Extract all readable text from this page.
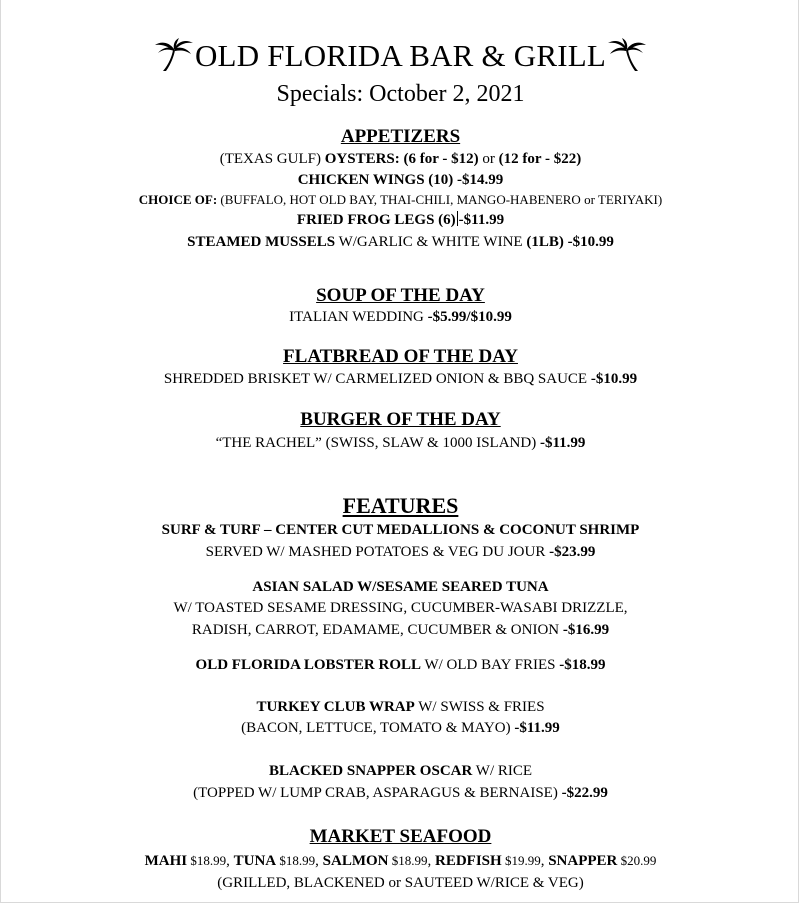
OLD FLORIDA BAR & GRILL
Specials: October 2, 2021
APPETIZERS
(TEXAS GULF) OYSTERS: (6 for - $12) or (12 for - $22)
CHICKEN WINGS (10) -$14.99
CHOICE OF: (BUFFALO, HOT OLD BAY, THAI-CHILI, MANGO-HABENERO or TERIYAKI)
FRIED FROG LEGS (6) -$11.99
STEAMED MUSSELS W/GARLIC & WHITE WINE (1LB) -$10.99
SOUP OF THE DAY
ITALIAN WEDDING -$5.99/$10.99
FLATBREAD OF THE DAY
SHREDDED BRISKET W/ CARMELIZED ONION & BBQ SAUCE -$10.99
BURGER OF THE DAY
“THE RACHEL” (SWISS, SLAW & 1000 ISLAND) -$11.99
FEATURES
SURF & TURF – CENTER CUT MEDALLIONS & COCONUT SHRIMP
SERVED W/ MASHED POTATOES & VEG DU JOUR -$23.99
ASIAN SALAD W/SESAME SEARED TUNA
W/ TOASTED SESAME DRESSING, CUCUMBER-WASABI DRIZZLE,
RADISH, CARROT, EDAMAME, CUCUMBER & ONION -$16.99
OLD FLORIDA LOBSTER ROLL W/ OLD BAY FRIES -$18.99
TURKEY CLUB WRAP W/ SWISS & FRIES
(BACON, LETTUCE, TOMATO & MAYO) -$11.99
BLACKED SNAPPER OSCAR W/ RICE
(TOPPED W/ LUMP CRAB, ASPARAGUS & BERNAISE) -$22.99
MARKET SEAFOOD
MAHI $18.99, TUNA $18.99, SALMON $18.99, REDFISH $19.99, SNAPPER $20.99
(GRILLED, BLACKENED or SAUTEED W/RICE & VEG)
